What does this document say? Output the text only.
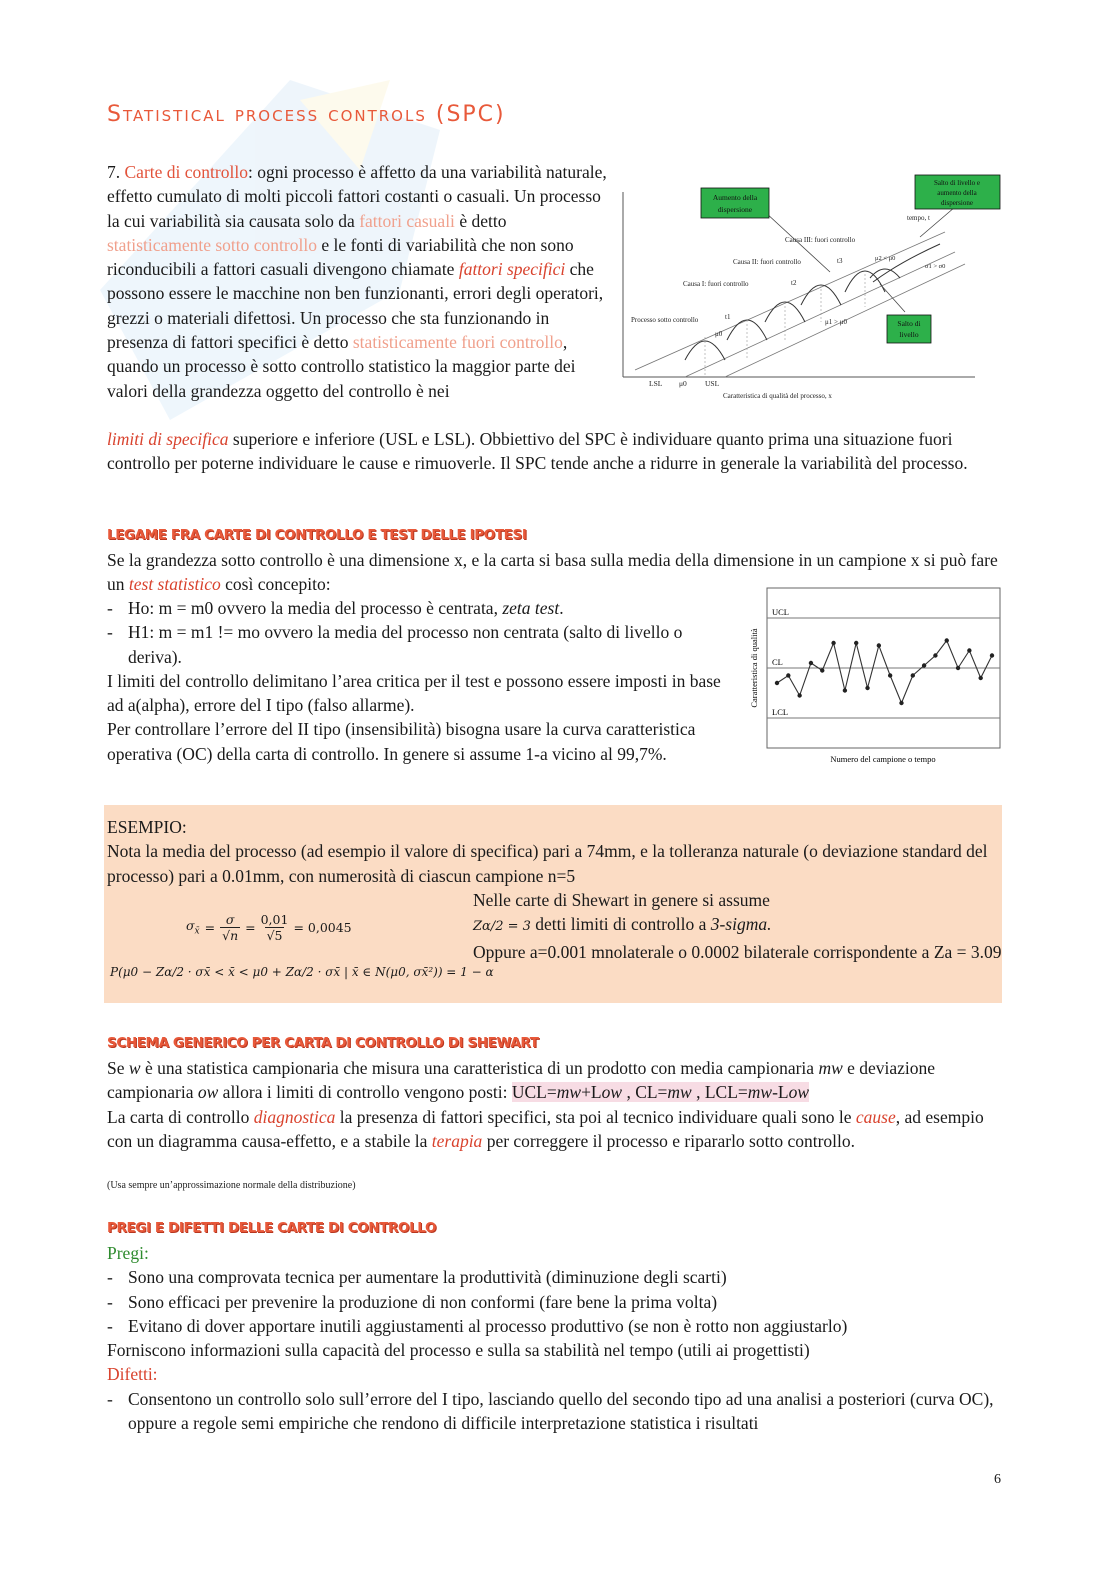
Statistical process controls (SPC)

7. Carte di controllo: ogni processo è affetto da una variabilità naturale, effetto cumulato di molti piccoli fattori costanti o casuali. Un processo la cui variabilità sia causata solo da fattori casuali è detto statisticamente sotto controllo e le fonti di variabilità che non sono riconducibili a fattori casuali divengono chiamate fattori specifici che possono essere le macchine non ben funzionanti, errori degli operatori, grezzi o materiali difettosi. Un processo che sta funzionando in presenza di fattori specifici è detto statisticamente fuori controllo, quando un processo è sotto controllo statistico la maggior parte dei valori della grandezza oggetto del controllo è nei

limiti di specifica superiore e inferiore (USL e LSL). Obbiettivo del SPC è individuare quanto prima una situazione fuori controllo per poterne individuare le cause e rimuoverle. Il SPC tende anche a ridurre in generale la variabilità del processo.

Aumento della
dispersione
Salto di livello e
aumento della
dispersione
Salto di
livello
tempo, t
Causa III: fuori controllo
Causa II: fuori controllo
Causa I: fuori controllo
Processo sotto controllo	t1
t2
t3
μ0
μ1 > μ0
σ1 > σ0
μ2 < μ0
LSL μ0 USL
Caratteristica di qualità del processo, x
LEGAME FRA CARTE DI CONTROLLO E TEST DELLE IPOTESI

Se la grandezza sotto controllo è una dimensione x, e la carta si basa sulla media della dimensione in un campione x si può fare un test statistico così concepito:

- Ho: m = m0 ovvero la media del processo è centrata, zeta test.
- H1: m = m1 != mo ovvero la media del processo non centrata (salto di livello o deriva).

I limiti del controllo delimitano l’area critica per il test e possono essere imposti in base ad a(alpha), errore del I tipo (falso allarme).

Per controllare l’errore del II tipo (insensibilità) bisogna usare la curva caratteristica operativa (OC) della carta di controllo. In genere si assume 1-a vicino al 99,7%.

UCL
CL
LCL
Caratteristica di qualità
Numero del campione o tempo

ESEMPIO:

Nota la media del processo (ad esempio il valore di specifica) pari a 74mm, e la tolleranza naturale (o deviazione standard del processo) pari a 0.01mm, con numerosità di ciascun campione n=5

$\sigma_{x̄} = \frac{\sigma}{√n} = \frac{0,01}{√5} = 0,0045$
P(μ0 − Zα/2 · σx̄ < x̄ < μ0 + Zα/2 · σx̄ | x̄ ∈ N(μ0, σx̄²)) = 1 − α

Nelle carte di Shewart in genere si assume

Zα/2 = 3 detti limiti di controllo a 3-sigma.

Oppure a=0.001 mnolaterale o 0.0002 bilaterale corrispondente a Za = 3.09

SCHEMA GENERICO PER CARTA DI CONTROLLO DI SHEWART

Se w è una statistica campionaria che misura una caratteristica di un prodotto con media campionaria mw e deviazione campionaria ow allora i limiti di controllo vengono posti: UCL=mw+Low , CL=mw , LCL=mw-Low

La carta di controllo diagnostica la presenza di fattori specifici, sta poi al tecnico individuare quali sono le cause, ad esempio con un diagramma causa-effetto, e a stabile la terapia per correggere il processo e ripararlo sotto controllo.

(Usa sempre un’approssimazione normale della distribuzione)

PREGI E DIFETTI DELLE CARTE DI CONTROLLO

Pregi:

- Sono una comprovata tecnica per aumentare la produttività (diminuzione degli scarti)
- Sono efficaci per prevenire la produzione di non conformi (fare bene la prima volta)
- Evitano di dover apportare inutili aggiustamenti al processo produttivo (se non è rotto non aggiustarlo)

Forniscono informazioni sulla capacità del processo e sulla sa stabilità nel tempo (utili ai progettisti)

Difetti:

- Consentono un controllo solo sull’errore del I tipo, lasciando quello del secondo tipo ad una analisi a posteriori (curva OC), oppure a regole semi empiriche che rendono di difficile interpretazione statistica i risultati

6
